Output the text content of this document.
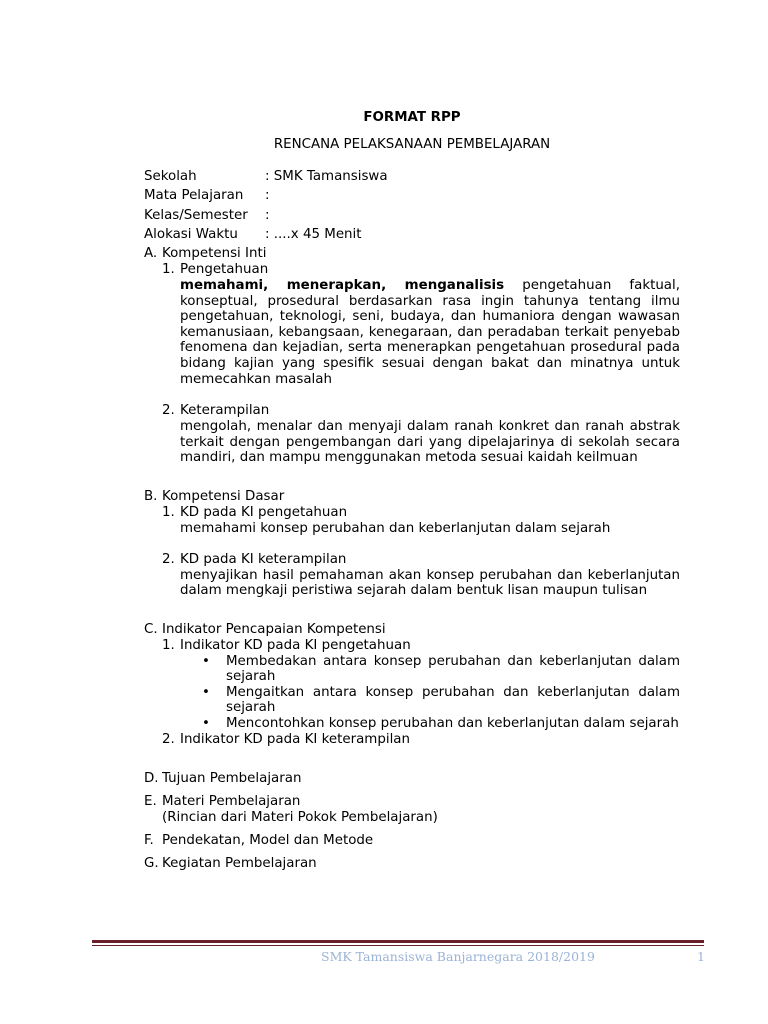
FORMAT RPP
RENCANA PELAKSANAAN PEMBELAJARAN
Sekolah	: SMK Tamansiswa
Mata Pelajaran :
Kelas/Semester :
Alokasi Waktu : ....x 45 Menit
A. Kompetensi Inti
1. Pengetahuan
memahami, menerapkan, menganalisis pengetahuan faktual, konseptual, prosedural berdasarkan rasa ingin tahunya tentang ilmu pengetahuan, teknologi, seni, budaya, dan humaniora dengan wawasan kemanusiaan, kebangsaan, kenegaraan, dan peradaban terkait penyebab fenomena dan kejadian, serta menerapkan pengetahuan prosedural pada bidang kajian yang spesifik sesuai dengan bakat dan minatnya untuk memecahkan masalah
2. Keterampilan
mengolah, menalar dan menyaji dalam ranah konkret dan ranah abstrak terkait dengan pengembangan dari yang dipelajarinya di sekolah secara mandiri, dan mampu menggunakan metoda sesuai kaidah keilmuan
B. Kompetensi Dasar
1. KD pada KI pengetahuan
memahami konsep perubahan dan keberlanjutan dalam sejarah
2. KD pada KI keterampilan
menyajikan hasil pemahaman akan konsep perubahan dan keberlanjutan dalam mengkaji peristiwa sejarah dalam bentuk lisan maupun tulisan
C. Indikator Pencapaian Kompetensi
1. Indikator KD pada KI pengetahuan
•	Membedakan antara konsep perubahan dan keberlanjutan dalam sejarah
•	Mengaitkan antara konsep perubahan dan keberlanjutan dalam sejarah
•	Mencontohkan konsep perubahan dan keberlanjutan dalam sejarah
2. Indikator KD pada KI keterampilan
D. Tujuan Pembelajaran
E. Materi Pembelajaran
(Rincian dari Materi Pokok Pembelajaran)
F. Pendekatan, Model dan Metode
G. Kegiatan Pembelajaran
SMK Tamansiswa Banjarnegara 2018/2019	1
